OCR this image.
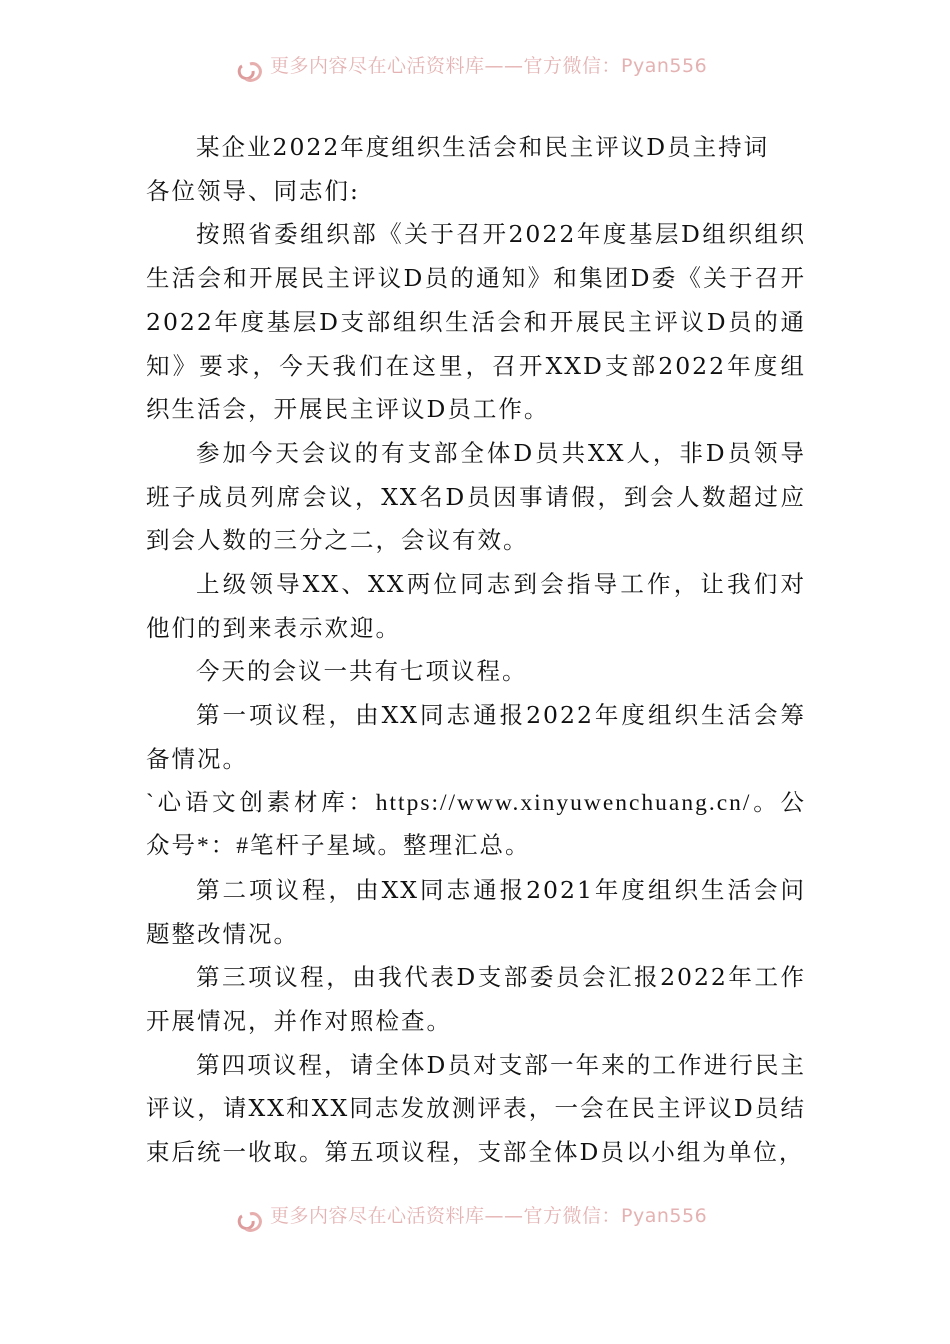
更多内容尽在心活资料库——官方微信：Pyan556

某企业2022年度组织生活会和民主评议D员主持词

各位领导、同志们:

按照省委组织部《关于召开2022年度基层D组织组织生活会和开展民主评议D员的通知》和集团D委《关于召开2022年度基层D支部组织生活会和开展民主评议D员的通知》要求，今天我们在这里，召开XXD支部2022年度组织生活会，开展民主评议D员工作。

参加今天会议的有支部全体D员共XX人，非D员领导班子成员列席会议，XX名D员因事请假，到会人数超过应到会人数的三分之二，会议有效。

上级领导XX、XX两位同志到会指导工作，让我们对他们的到来表示欢迎。

今天的会议一共有七项议程。

第一项议程，由XX同志通报2022年度组织生活会筹备情况。

`心语文创素材库：https://www.xinyuwenchuang.cn/。公众号*：#笔杆子星域。整理汇总。

第二项议程，由XX同志通报2021年度组织生活会问题整改情况。

第三项议程，由我代表D支部委员会汇报2022年工作开展情况，并作对照检查。

第四项议程，请全体D员对支部一年来的工作进行民主评议，请XX和XX同志发放测评表，一会在民主评议D员结束后统一收取。第五项议程，支部全体D员以小组为单位，

更多内容尽在心活资料库——官方微信：Pyan556
